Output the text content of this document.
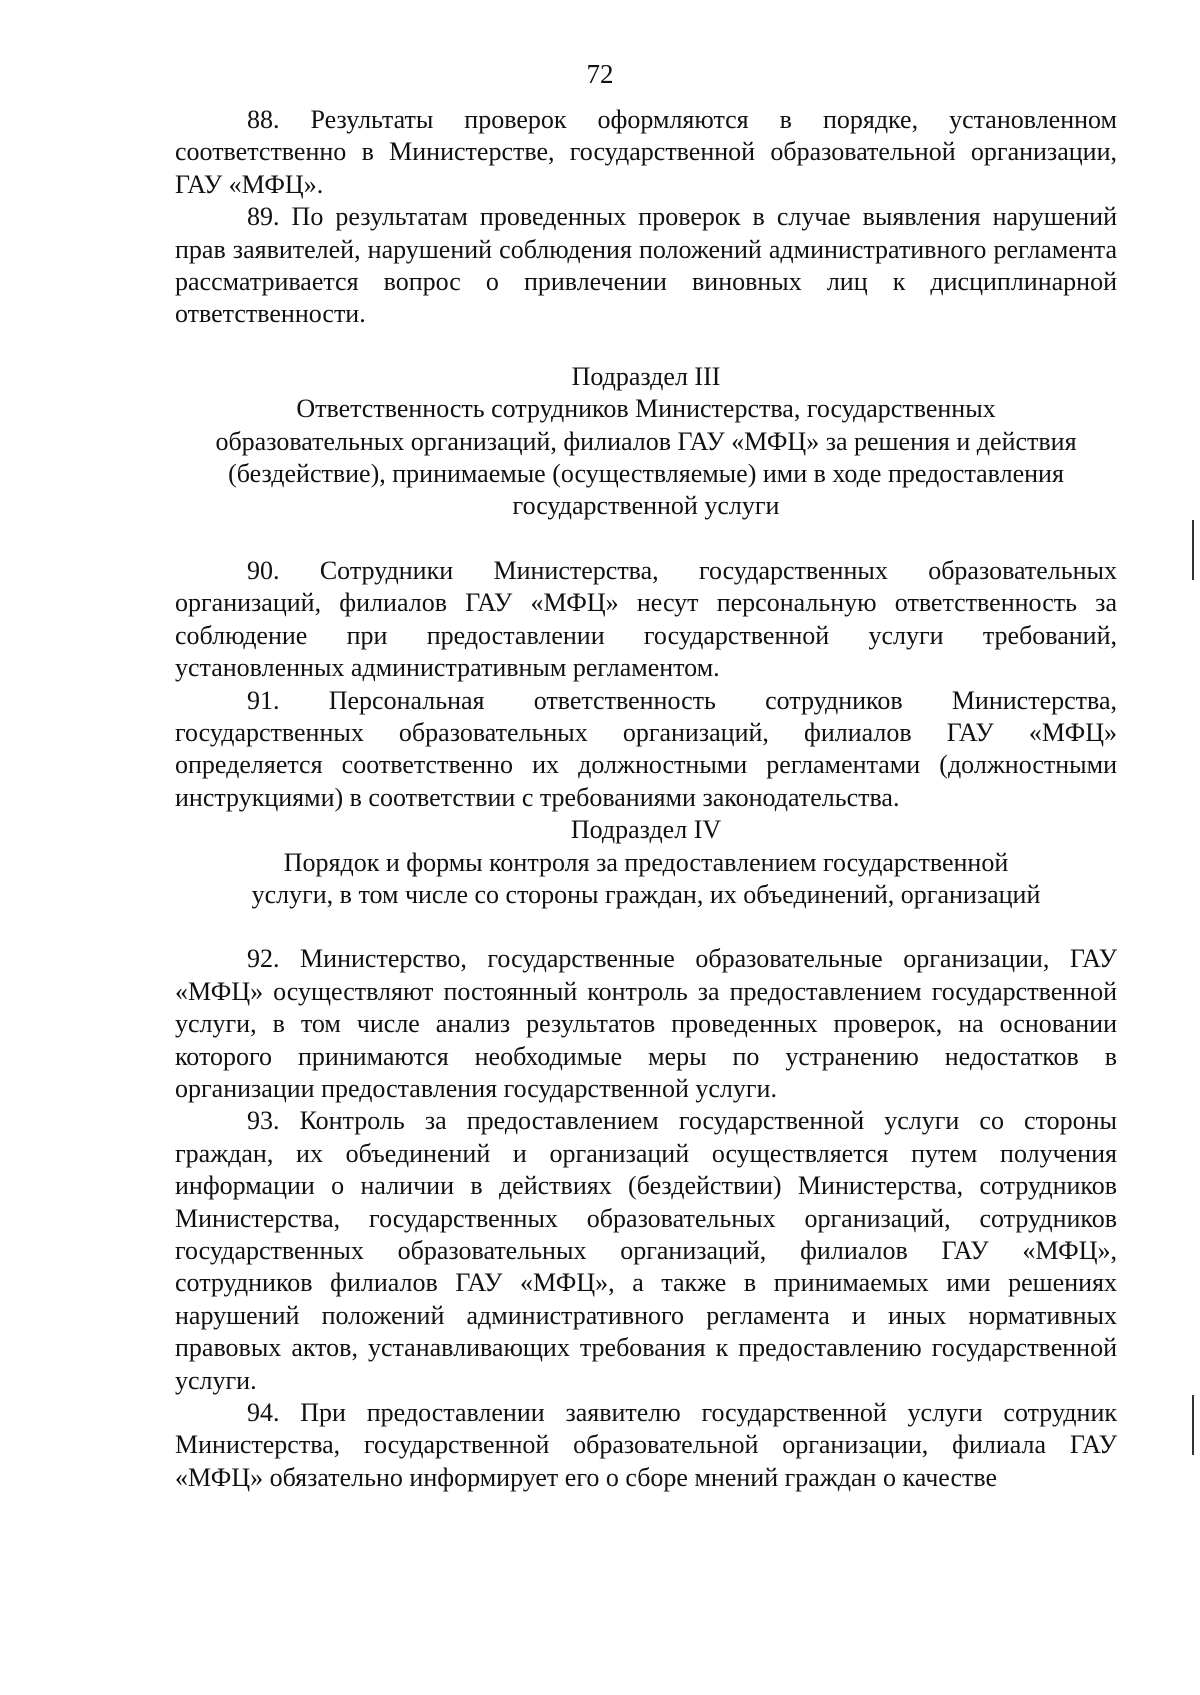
72

88. Результаты проверок оформляются в порядке, установленном соответственно в Министерстве, государственной образовательной организации, ГАУ «МФЦ».

89. По результатам проведенных проверок в случае выявления нарушений прав заявителей, нарушений соблюдения положений административного регламента рассматривается вопрос о привлечении виновных лиц к дисциплинарной ответственности.

Подраздел III
Ответственность сотрудников Министерства, государственных
образовательных организаций, филиалов ГАУ «МФЦ» за решения и действия
(бездействие), принимаемые (осуществляемые) ими в ходе предоставления
государственной услуги

90. Сотрудники Министерства, государственных образовательных организаций, филиалов ГАУ «МФЦ» несут персональную ответственность за соблюдение при предоставлении государственной услуги требований, установленных административным регламентом.

91. Персональная ответственность сотрудников Министерства, государственных образовательных организаций, филиалов ГАУ «МФЦ» определяется соответственно их должностными регламентами (должностными инструкциями) в соответствии с требованиями законодательства.

Подраздел IV
Порядок и формы контроля за предоставлением государственной
услуги, в том числе со стороны граждан, их объединений, организаций

92. Министерство, государственные образовательные организации, ГАУ «МФЦ» осуществляют постоянный контроль за предоставлением государственной услуги, в том числе анализ результатов проведенных проверок, на основании которого принимаются необходимые меры по устранению недостатков в организации предоставления государственной услуги.

93. Контроль за предоставлением государственной услуги со стороны граждан, их объединений и организаций осуществляется путем получения информации о наличии в действиях (бездействии) Министерства, сотрудников Министерства, государственных образовательных организаций, сотрудников государственных образовательных организаций, филиалов ГАУ «МФЦ», сотрудников филиалов ГАУ «МФЦ», а также в принимаемых ими решениях нарушений положений административного регламента и иных нормативных правовых актов, устанавливающих требования к предоставлению государственной услуги.

94. При предоставлении заявителю государственной услуги сотрудник Министерства, государственной образовательной организации, филиала ГАУ «МФЦ» обязательно информирует его о сборе мнений граждан о качестве
